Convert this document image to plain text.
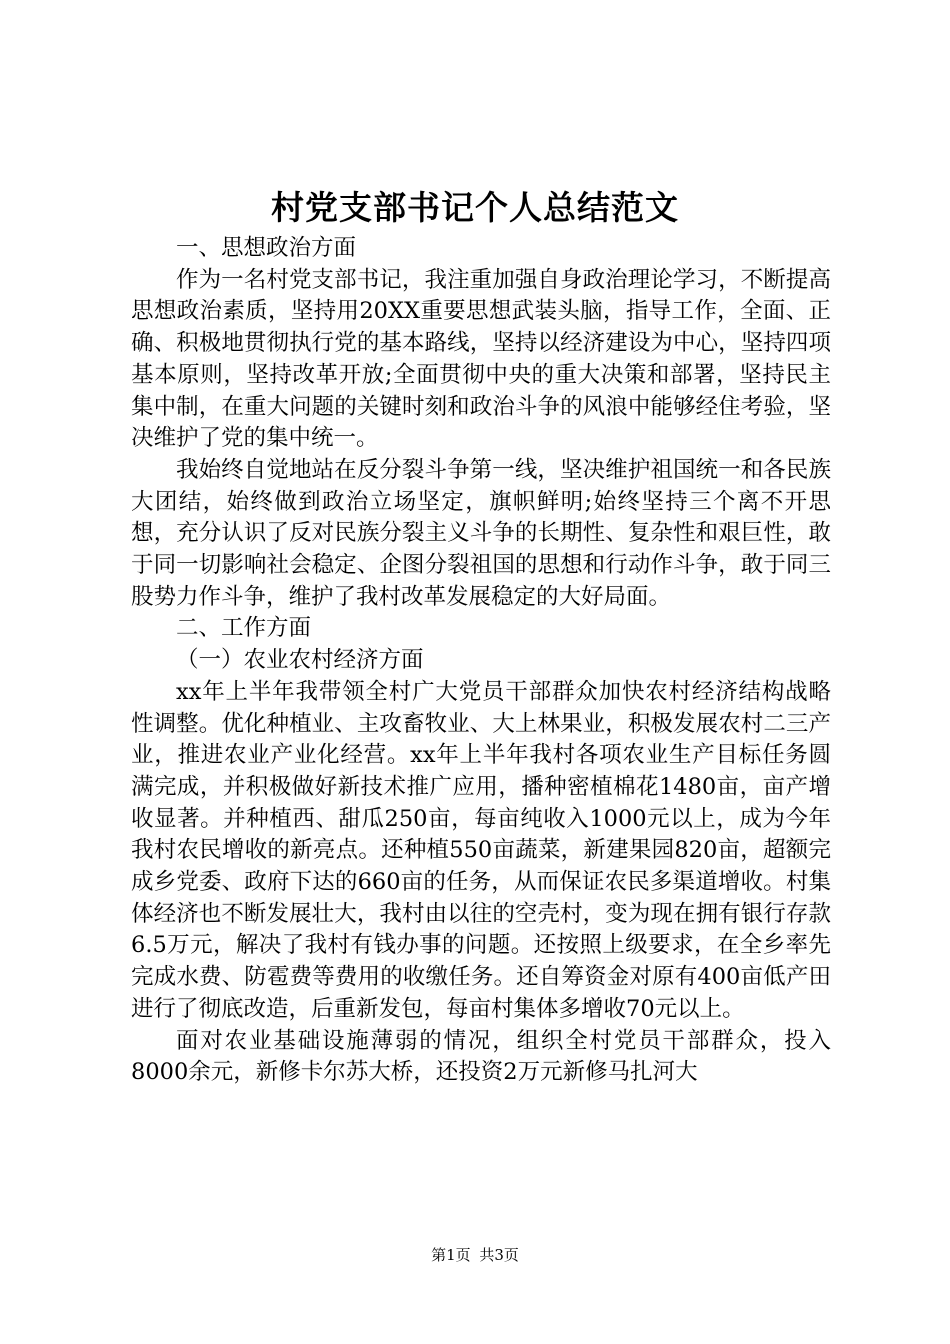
村党支部书记个人总结范文

一、思想政治方面

作为一名村党支部书记，我注重加强自身政治理论学习，不断提高思想政治素质，坚持用20XX重要思想武装头脑，指导工作，全面、正确、积极地贯彻执行党的基本路线，坚持以经济建设为中心，坚持四项基本原则，坚持改革开放;全面贯彻中央的重大决策和部署，坚持民主集中制，在重大问题的关键时刻和政治斗争的风浪中能够经住考验，坚决维护了党的集中统一。

我始终自觉地站在反分裂斗争第一线，坚决维护祖国统一和各民族大团结，始终做到政治立场坚定，旗帜鲜明;始终坚持三个离不开思想，充分认识了反对民族分裂主义斗争的长期性、复杂性和艰巨性，敢于同一切影响社会稳定、企图分裂祖国的思想和行动作斗争，敢于同三股势力作斗争，维护了我村改革发展稳定的大好局面。

二、工作方面

（一）农业农村经济方面

xx年上半年我带领全村广大党员干部群众加快农村经济结构战略性调整。优化种植业、主攻畜牧业、大上林果业，积极发展农村二三产业，推进农业产业化经营。xx年上半年我村各项农业生产目标任务圆满完成，并积极做好新技术推广应用，播种密植棉花1480亩，亩产增收显著。并种植西、甜瓜250亩，每亩纯收入1000元以上，成为今年我村农民增收的新亮点。还种植550亩蔬菜，新建果园820亩，超额完成乡党委、政府下达的660亩的任务，从而保证农民多渠道增收。村集体经济也不断发展壮大，我村由以往的空壳村，变为现在拥有银行存款6.5万元，解决了我村有钱办事的问题。还按照上级要求，在全乡率先完成水费、防雹费等费用的收缴任务。还自筹资金对原有400亩低产田进行了彻底改造，后重新发包，每亩村集体多增收70元以上。

面对农业基础设施薄弱的情况，组织全村党员干部群众，投入8000余元，新修卡尔苏大桥，还投资2万元新修马扎河大

第1页 共3页
